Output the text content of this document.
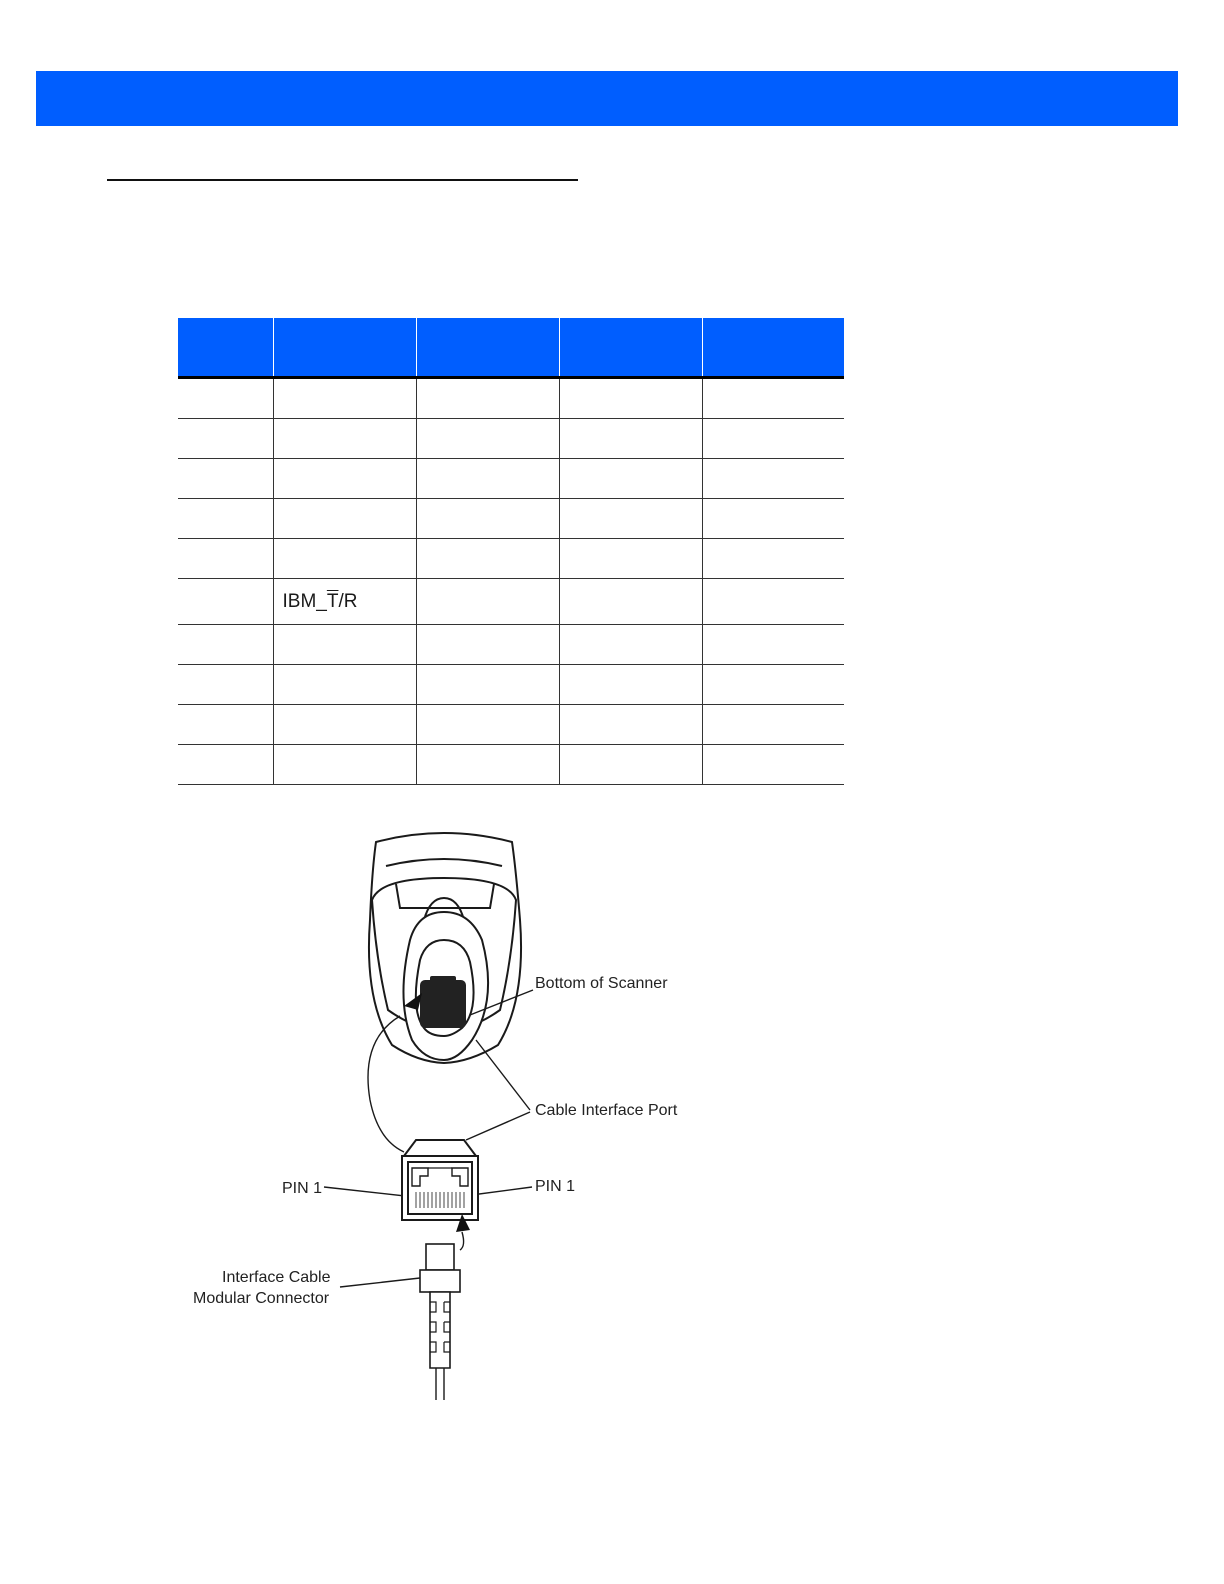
	$IBM\_\overline{T}/R$			

Bottom of Scanner
Cable Interface Port
PIN 1	PIN 1
Interface Cable
Modular Connector
